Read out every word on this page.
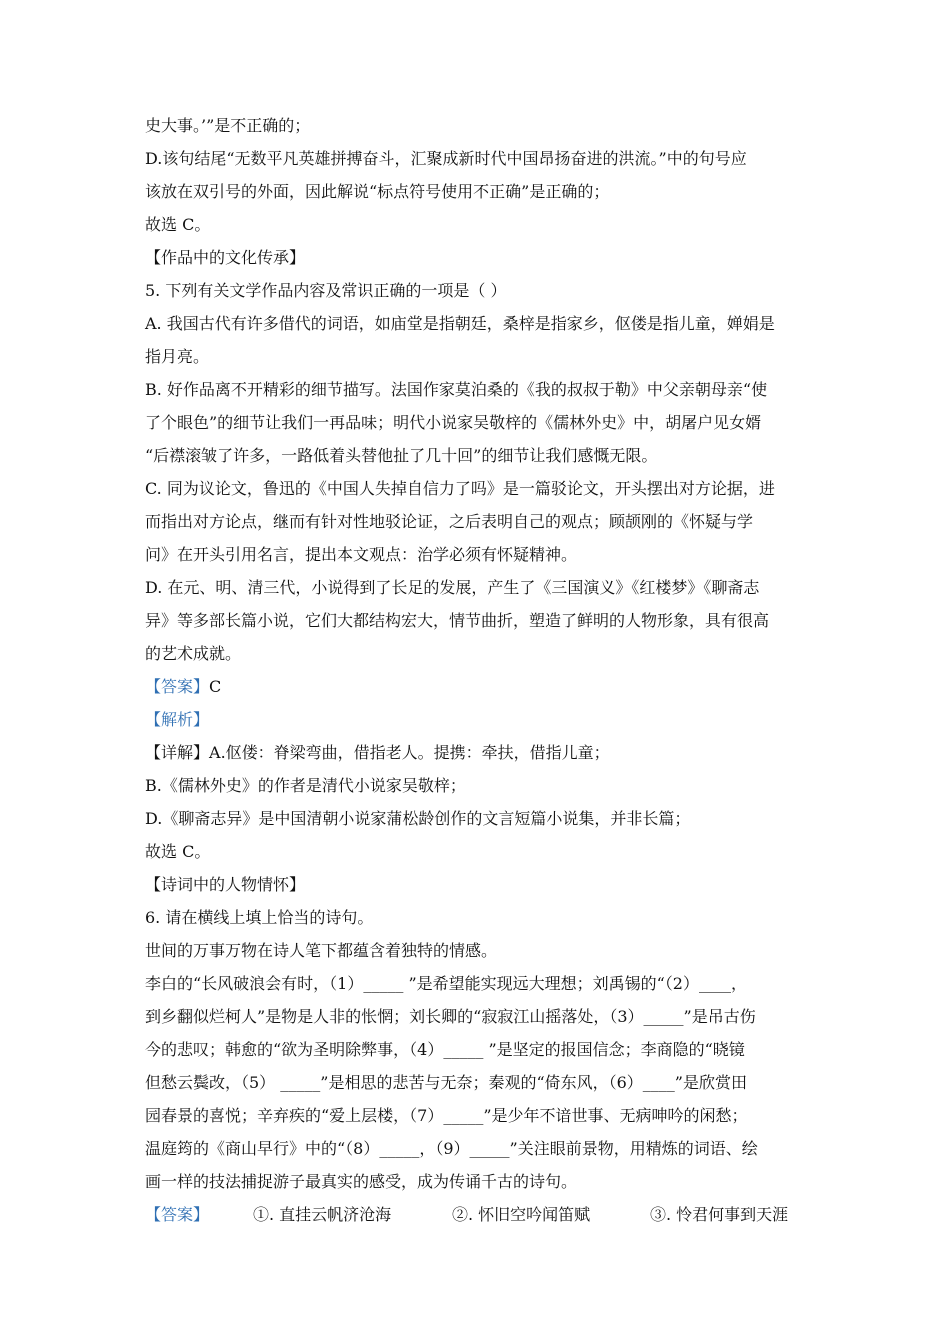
史大事。’”是不正确的；
D.该句结尾“无数平凡英雄拼搏奋斗，汇聚成新时代中国昂扬奋进的洪流。”中的句号应
该放在双引号的外面，因此解说“标点符号使用不正确”是正确的；
故选 C。
【作品中的文化传承】
5. 下列有关文学作品内容及常识正确的一项是（ ）
A. 我国古代有许多借代的词语，如庙堂是指朝廷，桑梓是指家乡，伛偻是指儿童，婵娟是
指月亮。
B. 好作品离不开精彩的细节描写。法国作家莫泊桑的《我的叔叔于勒》中父亲朝母亲“使
了个眼色”的细节让我们一再品味；明代小说家吴敬梓的《儒林外史》中，胡屠户见女婿
“后襟滚皱了许多，一路低着头替他扯了几十回”的细节让我们感慨无限。
C. 同为议论文，鲁迅的《中国人失掉自信力了吗》是一篇驳论文，开头摆出对方论据，进
而指出对方论点，继而有针对性地驳论证，之后表明自己的观点；顾颉刚的《怀疑与学
问》在开头引用名言，提出本文观点：治学必须有怀疑精神。
D. 在元、明、清三代，小说得到了长足的发展，产生了《三国演义》《红楼梦》《聊斋志
异》等多部长篇小说，它们大都结构宏大，情节曲折，塑造了鲜明的人物形象，具有很高
的艺术成就。
【答案】C
【解析】
【详解】A.伛偻：脊梁弯曲，借指老人。提携：牵扶，借指儿童；
B.《儒林外史》的作者是清代小说家吴敬梓；
D.《聊斋志异》是中国清朝小说家蒲松龄创作的文言短篇小说集，并非长篇；
故选 C。
【诗词中的人物情怀】
6. 请在横线上填上恰当的诗句。
世间的万事万物在诗人笔下都蕴含着独特的情感。
李白的“长风破浪会有时，（1）_____ ”是希望能实现远大理想；刘禹锡的“（2）____，
到乡翻似烂柯人”是物是人非的怅惘；刘长卿的“寂寂江山摇落处，（3）_____”是吊古伤
今的悲叹；韩愈的“欲为圣明除弊事，（4）_____ ”是坚定的报国信念；李商隐的“晓镜
但愁云鬓改，（5） _____”是相思的悲苦与无奈；秦观的“倚东风，（6）____”是欣赏田
园春景的喜悦；辛弃疾的“爱上层楼，（7）_____”是少年不谙世事、无病呻吟的闲愁；
温庭筠的《商山早行》中的“（8）_____，（9）_____”关注眼前景物，用精炼的词语、绘
画一样的技法捕捉游子最真实的感受，成为传诵千古的诗句。
【答案】	①. 直挂云帆济沧海	②. 怀旧空吟闻笛赋	③. 怜君何事到天涯
